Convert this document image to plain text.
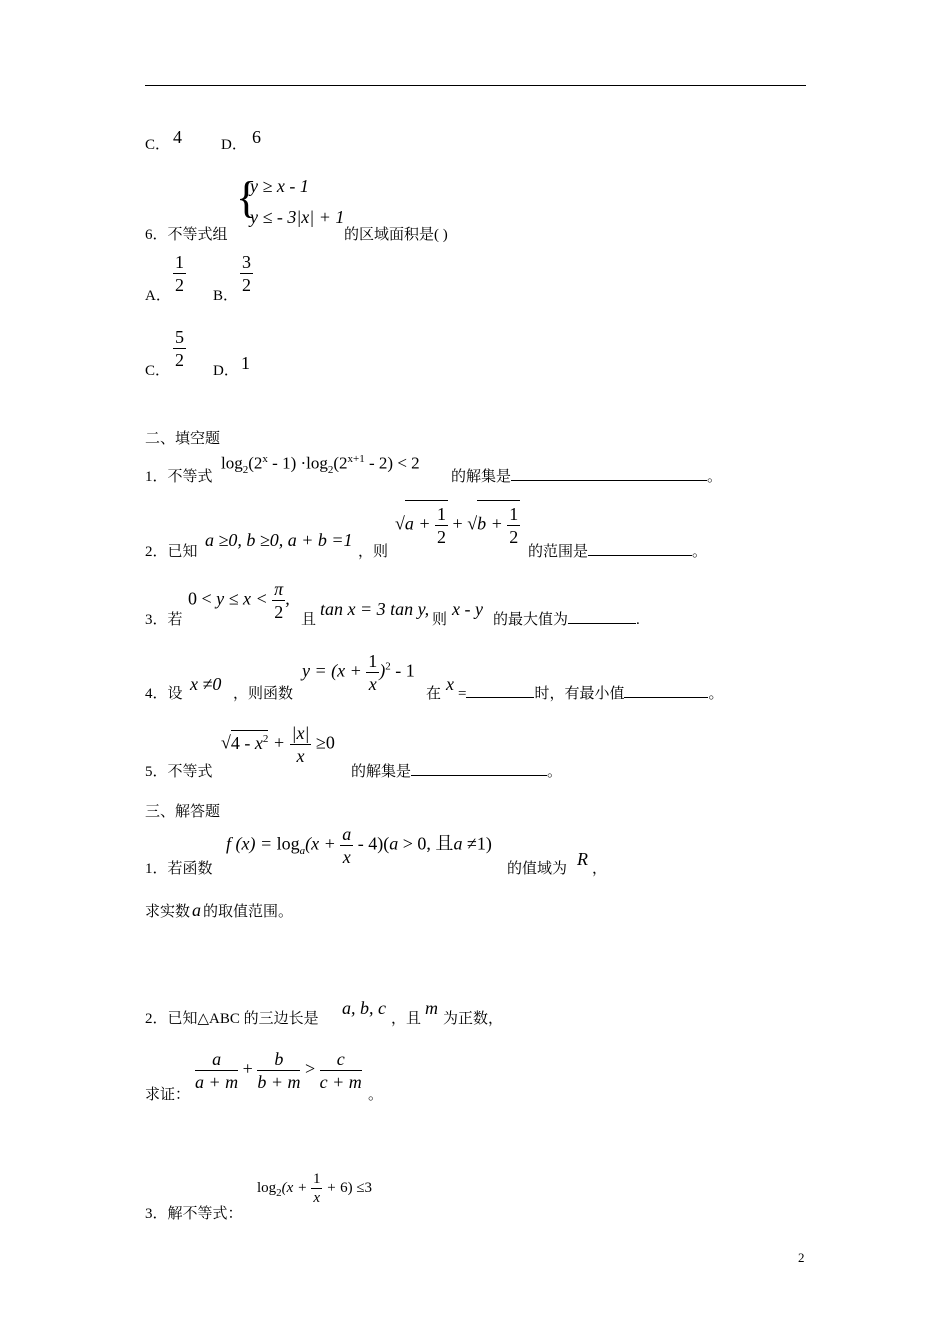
C． 4	D． 6
6．不等式组
{
y ≥ x - 1
y ≤ - 3|x| + 1
的区域面积是( )
A． $\frac{1}{2}$ B． $\frac{3}{2}$
C． $\frac{5}{2}$ D． 1
二、填空题
1．不等式
$\log_2(2^x - 1) \cdot\log_2(2^{x+1} - 2) < 2$
的解集是	。
2．已知
a ≥0, b ≥0, a + b =1
，则
$√a + \frac{1}{2} + √b + \frac{1}{2}$
的范围是	。
3．若
$0 < y \le x < \frac{\pi}{2}$ ,
且
tan x = 3 tan y,
则
x - y
的最大值为	.
4．设 x ≠0 ，则函数
$y = (x + \frac{1}{x} )^2 - 1$
在 x =	时，有最小值	。
5．不等式
$√4 - x^2 + \frac{|x|}{x} \ge 0$
的解集是	。
三、解答题
1．若函数
f $(x) = \log_a(x + \frac{a}{x} - 4)(a > 0$, 且a ≠1)
的值域为 R ，
求实数 a 的取值范围。
2．已知△ABC 的三边长是
a, b, c
，且
m
为正数，
求证：
$\frac{a}{a + m} + \frac{b}{b + m} > \frac{c}{c + m}$
。
3．解不等式：
$\log_2(x + \frac{1}{x} + 6) \le 3$
2
